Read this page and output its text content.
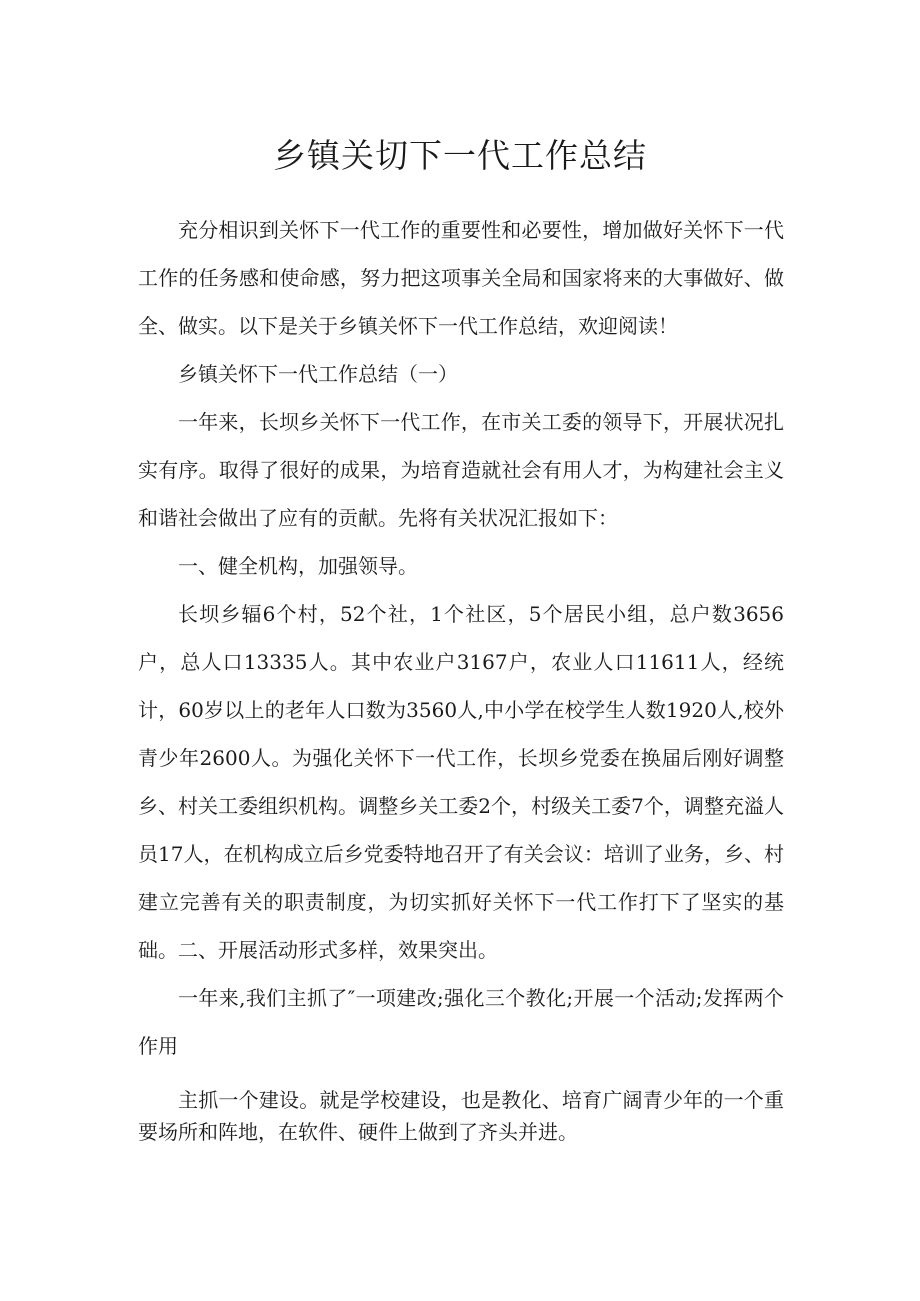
乡镇关切下一代工作总结

充分相识到关怀下一代工作的重要性和必要性，增加做好关怀下一代工作的任务感和使命感，努力把这项事关全局和国家将来的大事做好、做全、做实。以下是关于乡镇关怀下一代工作总结，欢迎阅读！

乡镇关怀下一代工作总结（一）

一年来，长坝乡关怀下一代工作，在市关工委的领导下，开展状况扎实有序。取得了很好的成果，为培育造就社会有用人才，为构建社会主义和谐社会做出了应有的贡献。先将有关状况汇报如下：

一、健全机构，加强领导。

长坝乡辐6个村，52个社，1个社区，5个居民小组，总户数3656户，总人口13335人。其中农业户3167户，农业人口11611人，经统计，60岁以上的老年人口数为3560人,中小学在校学生人数1920人,校外青少年2600人。为强化关怀下一代工作，长坝乡党委在换届后刚好调整乡、村关工委组织机构。调整乡关工委2个，村级关工委7个，调整充溢人员17人，在机构成立后乡党委特地召开了有关会议：培训了业务，乡、村建立完善有关的职责制度，为切实抓好关怀下一代工作打下了坚实的基础。 二、开展活动形式多样，效果突出。

一年来,我们主抓了″一项建改;强化三个教化;开展一个活动;发挥两个作用

主抓一个建设。就是学校建设，也是教化、培育广阔青少年的一个重要场所和阵地，在软件、硬件上做到了齐头并进。
